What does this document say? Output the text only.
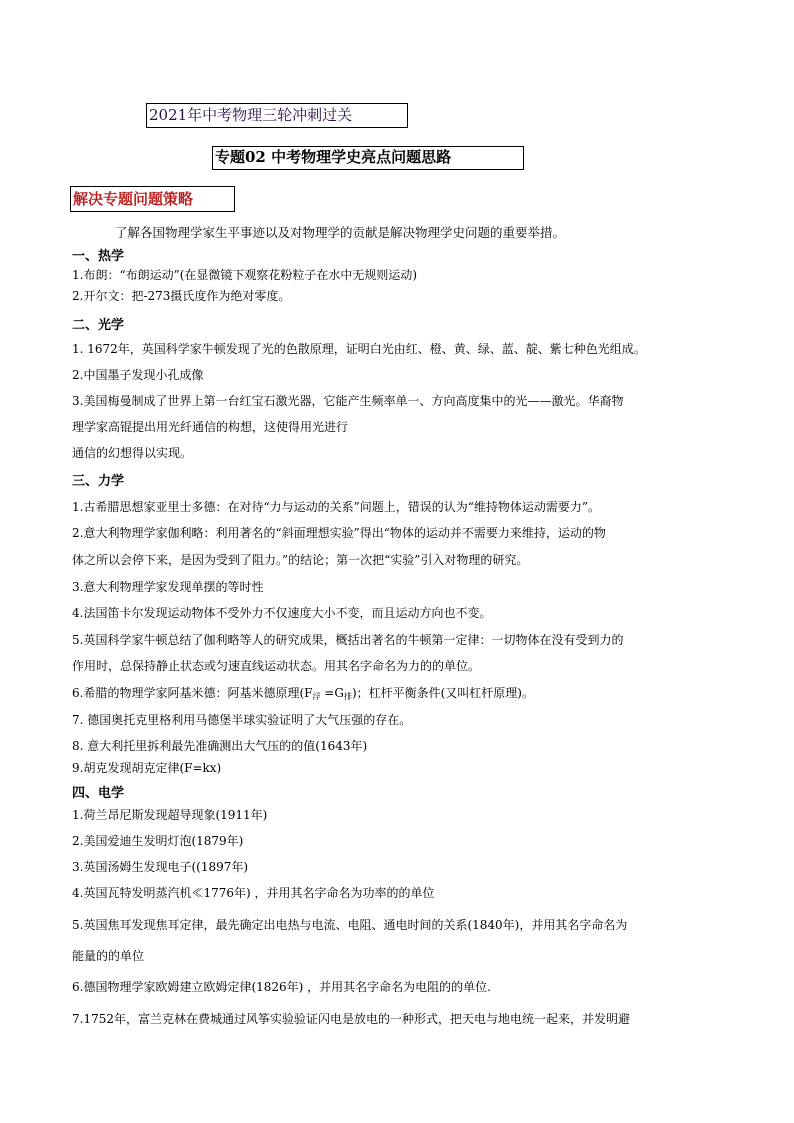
2021年中考物理三轮冲刺过关
专题02 中考物理学史亮点问题思路
解决专题问题策略
了解各国物理学家生平事迹以及对物理学的贡献是解决物理学史问题的重要举措。
一、热学
1.布朗：“布朗运动”(在显微镜下观察花粉粒子在水中无规则运动)
2.开尔文：把-273摄氏度作为绝对零度。
二、光学
1. 1672年，英国科学家牛顿发现了光的色散原理，证明白光由红、橙、黄、绿、蓝、靛、紫七种色光组成。
2.中国墨子发现小孔成像
3.美国梅曼制成了世界上第一台红宝石激光器，它能产生频率单一、方向高度集中的光——激光。华裔物
理学家高锟提出用光纤通信的构想，这使得用光进行
通信的幻想得以实现。
三、力学
1.古希腊思想家亚里士多德：在对待“力与运动的关系”问题上，错误的认为“维持物体运动需要力”。
2.意大利物理学家伽利略：利用著名的“斜面理想实验”得出“物体的运动并不需要力来维持，运动的物
体之所以会停下来，是因为受到了阻力。”的结论；第一次把“实验”引入对物理的研究。
3.意大利物理学家发现单摆的等时性
4.法国笛卡尔发现运动物体不受外力不仅速度大小不变，而且运动方向也不变。
5.英国科学家牛顿总结了伽利略等人的研究成果，概括出著名的牛顿第一定律：一切物体在没有受到力的
作用时，总保持静止状态或匀速直线运动状态。用其名字命名为力的的单位。
6.希腊的物理学家阿基米德：阿基米德原理$(F_浮 =G_排)$；杠杆平衡条件(又叫杠杆原理)。
7. 德国奥托克里格利用马德堡半球实验证明了大气压强的存在。
8. 意大利托里拆利最先准确测出大气压的的值(1643年)
9.胡克发现胡克定律(F=kx)
四、电学
1.荷兰昂尼斯发现超导现象(1911年)
2.美国爱迪生发明灯泡(1879年)
3.英国汤姆生发现电子((1897年)
4.英国瓦特发明蒸汽机≪1776年) ，并用其名字命名为功率的的单位
5.英国焦耳发现焦耳定律，最先确定出电热与电流、电阻、通电时间的关系(1840年)，并用其名字命名为
能量的的单位
6.德国物理学家欧姆建立欧姆定律(1826年) ，并用其名字命名为电阻的的单位.
7.1752年，富兰克林在费城通过风筝实验验证闪电是放电的一种形式，把天电与地电统一起来，并发明避
